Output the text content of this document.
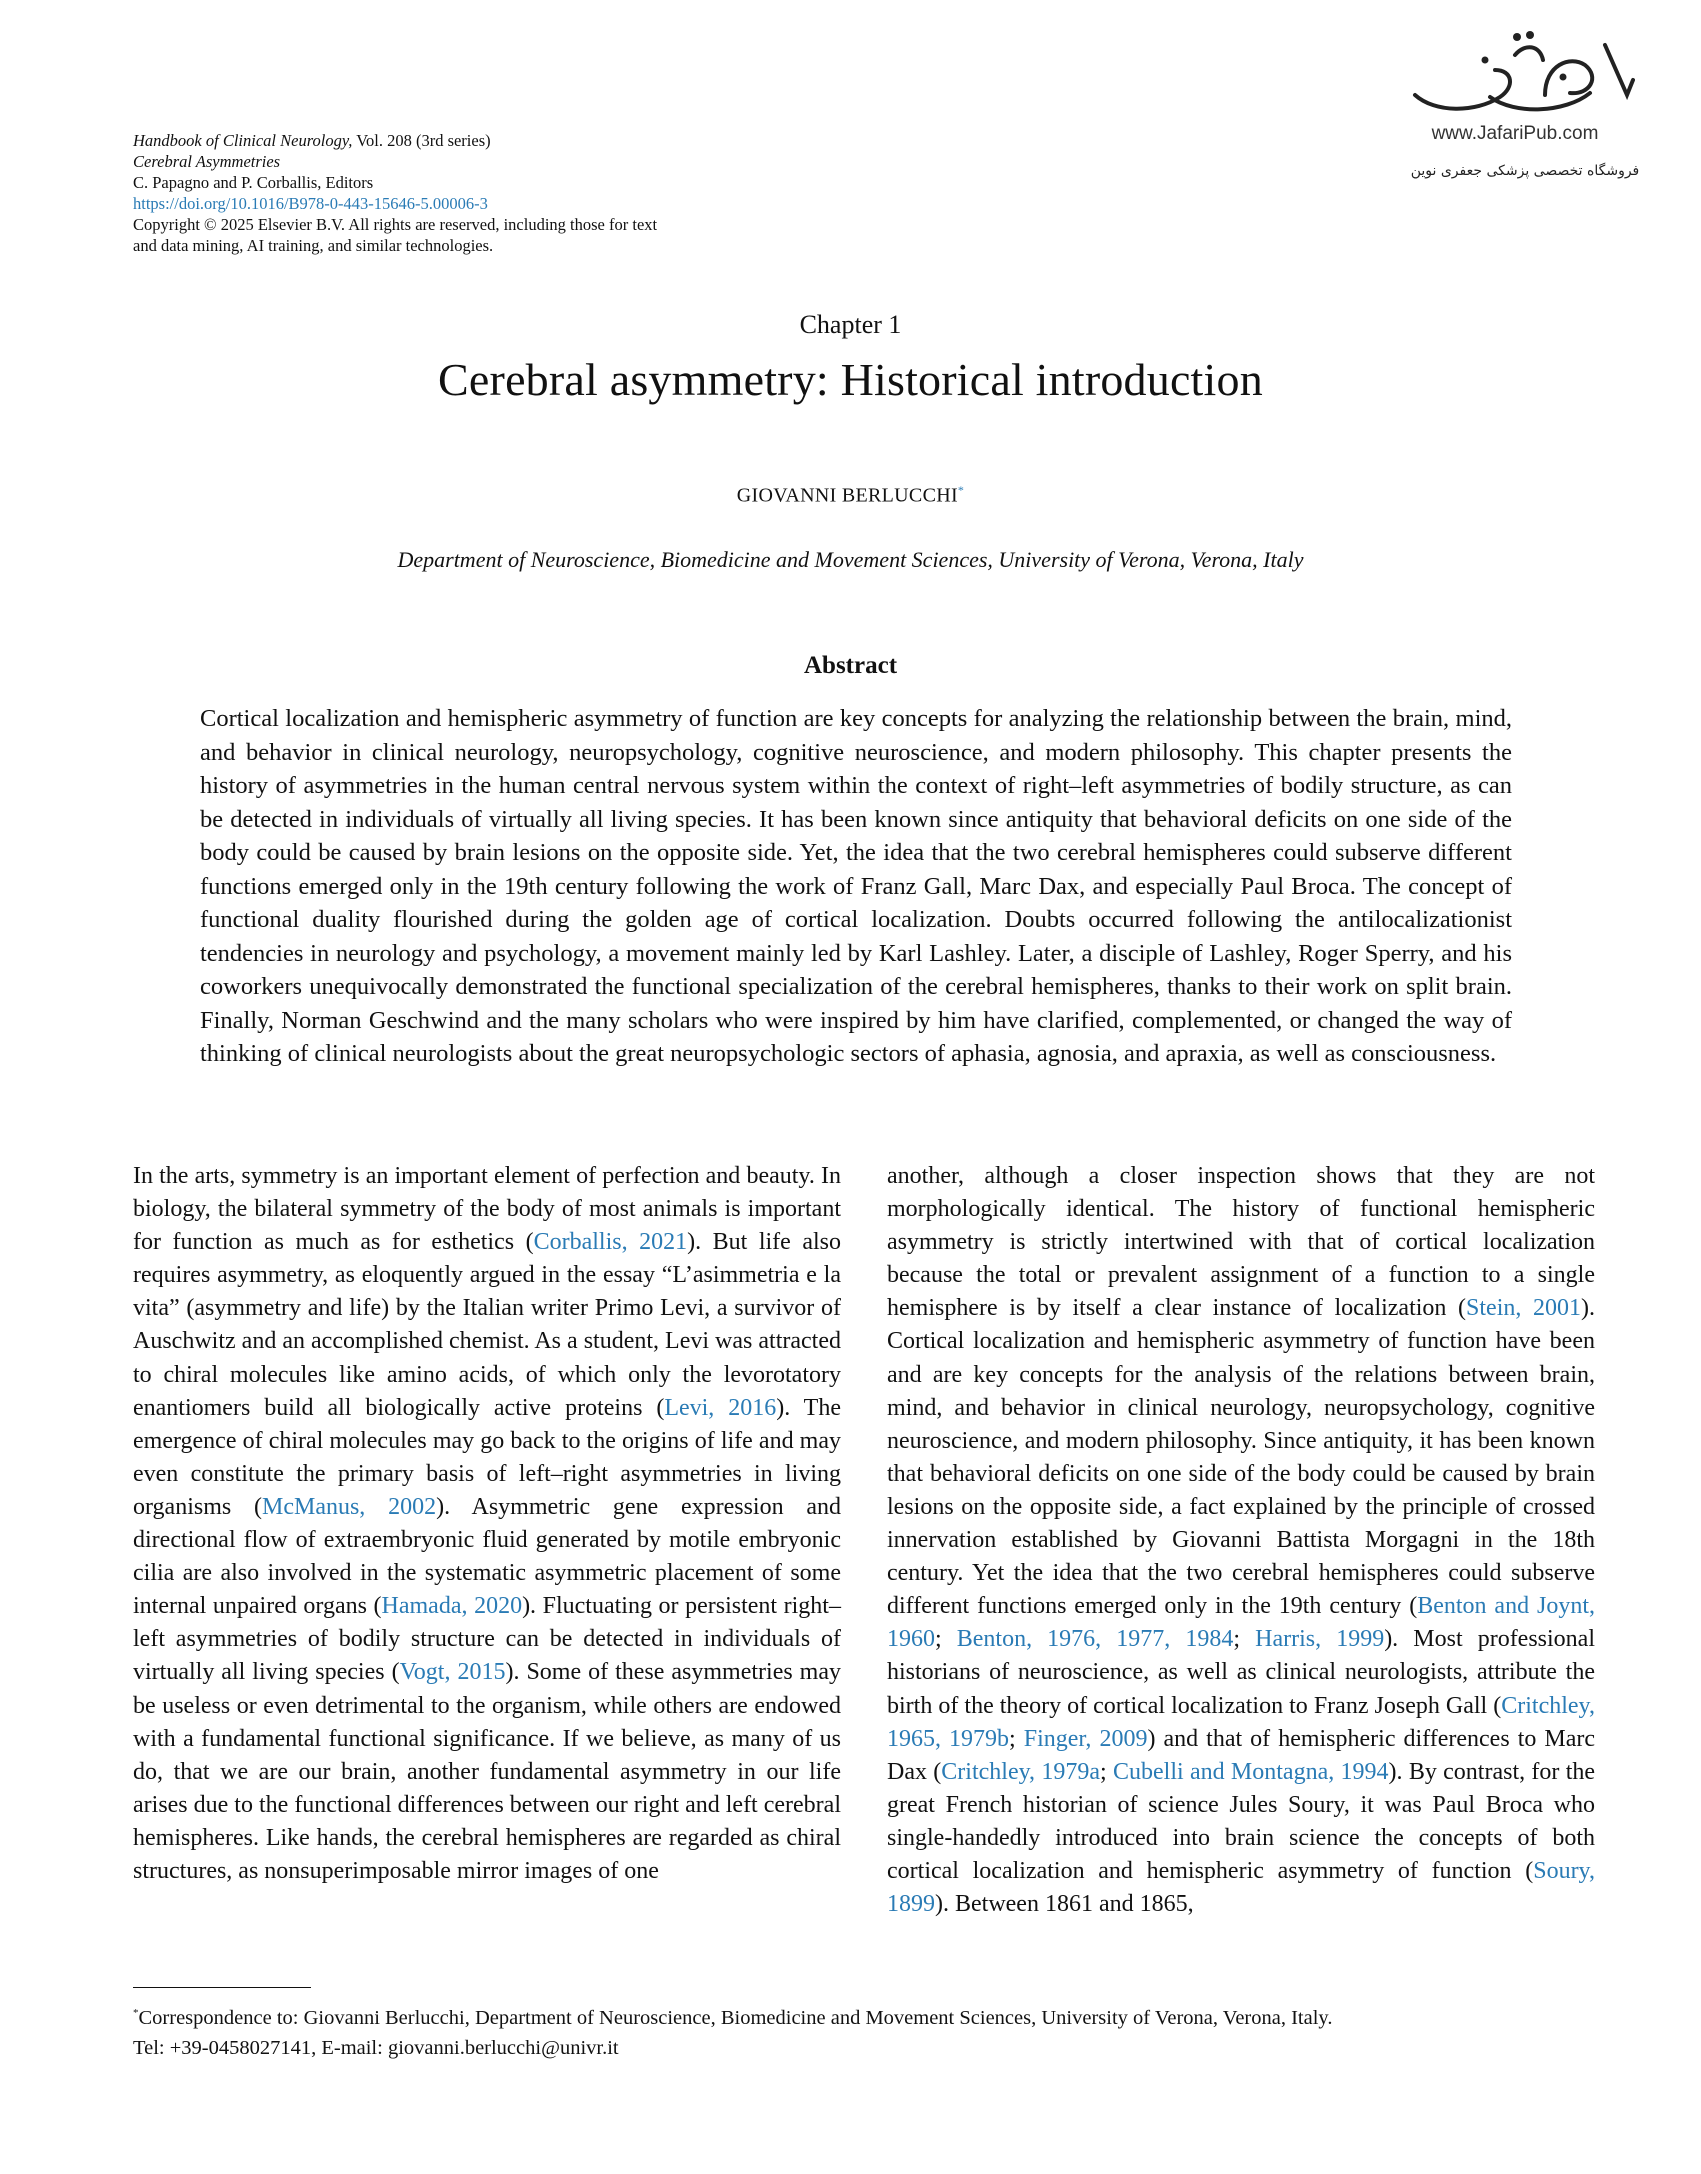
Handbook of Clinical Neurology, Vol. 208 (3rd series)
Cerebral Asymmetries
C. Papagno and P. Corballis, Editors
https://doi.org/10.1016/B978-0-443-15646-5.00006-3
Copyright © 2025 Elsevier B.V. All rights are reserved, including those for text
and data mining, AI training, and similar technologies.
www.JafariPub.com
فروشگاه تخصصی پزشکی جعفری نوین
Chapter 1
Cerebral asymmetry: Historical introduction
GIOVANNI BERLUCCHI*
Department of Neuroscience, Biomedicine and Movement Sciences, University of Verona, Verona, Italy
Abstract
Cortical localization and hemispheric asymmetry of function are key concepts for analyzing the relationship between the brain, mind, and behavior in clinical neurology, neuropsychology, cognitive neuroscience, and modern philosophy. This chapter presents the history of asymmetries in the human central nervous system within the context of right–left asymmetries of bodily structure, as can be detected in individuals of virtually all living species. It has been known since antiquity that behavioral deficits on one side of the body could be caused by brain lesions on the opposite side. Yet, the idea that the two cerebral hemispheres could subserve different functions emerged only in the 19th century following the work of Franz Gall, Marc Dax, and especially Paul Broca. The concept of functional duality flourished during the golden age of cortical localization. Doubts occurred following the antilocalizationist tendencies in neurology and psychology, a movement mainly led by Karl Lashley. Later, a disciple of Lashley, Roger Sperry, and his coworkers unequivocally demonstrated the functional specialization of the cerebral hemispheres, thanks to their work on split brain. Finally, Norman Geschwind and the many scholars who were inspired by him have clarified, complemented, or changed the way of thinking of clinical neurologists about the great neuropsychologic sectors of aphasia, agnosia, and apraxia, as well as consciousness.
In the arts, symmetry is an important element of perfection and beauty. In biology, the bilateral symmetry of the body of most animals is important for function as much as for esthetics (Corballis, 2021). But life also requires asymmetry, as eloquently argued in the essay “L’asimmetria e la vita” (asymmetry and life) by the Italian writer Primo Levi, a survivor of Auschwitz and an accomplished chemist. As a student, Levi was attracted to chiral molecules like amino acids, of which only the levorotatory enantiomers build all biologically active proteins (Levi, 2016). The emergence of chiral molecules may go back to the origins of life and may even constitute the primary basis of left–right asymmetries in living organisms (McManus, 2002). Asymmetric gene expression and directional flow of extraembryonic fluid generated by motile embryonic cilia are also involved in the systematic asymmetric placement of some internal unpaired organs (Hamada, 2020). Fluctuating or persistent right–left asymmetries of bodily structure can be detected in individuals of virtually all living species (Vogt, 2015). Some of these asymmetries may be useless or even detrimental to the organism, while others are endowed with a fundamental functional significance. If we believe, as many of us do, that we are our brain, another fundamental asymmetry in our life arises due to the functional differences between our right and left cerebral hemispheres. Like hands, the cerebral hemispheres are regarded as chiral structures, as nonsuperimposable mirror images of one
another, although a closer inspection shows that they are not morphologically identical. The history of functional hemispheric asymmetry is strictly intertwined with that of cortical localization because the total or prevalent assignment of a function to a single hemisphere is by itself a clear instance of localization (Stein, 2001). Cortical localization and hemispheric asymmetry of function have been and are key concepts for the analysis of the relations between brain, mind, and behavior in clinical neurology, neuropsychology, cognitive neuroscience, and modern philosophy. Since antiquity, it has been known that behavioral deficits on one side of the body could be caused by brain lesions on the opposite side, a fact explained by the principle of crossed innervation established by Giovanni Battista Morgagni in the 18th century. Yet the idea that the two cerebral hemispheres could subserve different functions emerged only in the 19th century (Benton and Joynt, 1960; Benton, 1976, 1977, 1984; Harris, 1999). Most professional historians of neuroscience, as well as clinical neurologists, attribute the birth of the theory of cortical localization to Franz Joseph Gall (Critchley, 1965, 1979b; Finger, 2009) and that of hemispheric differences to Marc Dax (Critchley, 1979a; Cubelli and Montagna, 1994). By contrast, for the great French historian of science Jules Soury, it was Paul Broca who single-handedly introduced into brain science the concepts of both cortical localization and hemispheric asymmetry of function (Soury, 1899). Between 1861 and 1865,
*Correspondence to: Giovanni Berlucchi, Department of Neuroscience, Biomedicine and Movement Sciences, University of Verona, Verona, Italy.
Tel: +39-0458027141, E-mail: giovanni.berlucchi@univr.it
